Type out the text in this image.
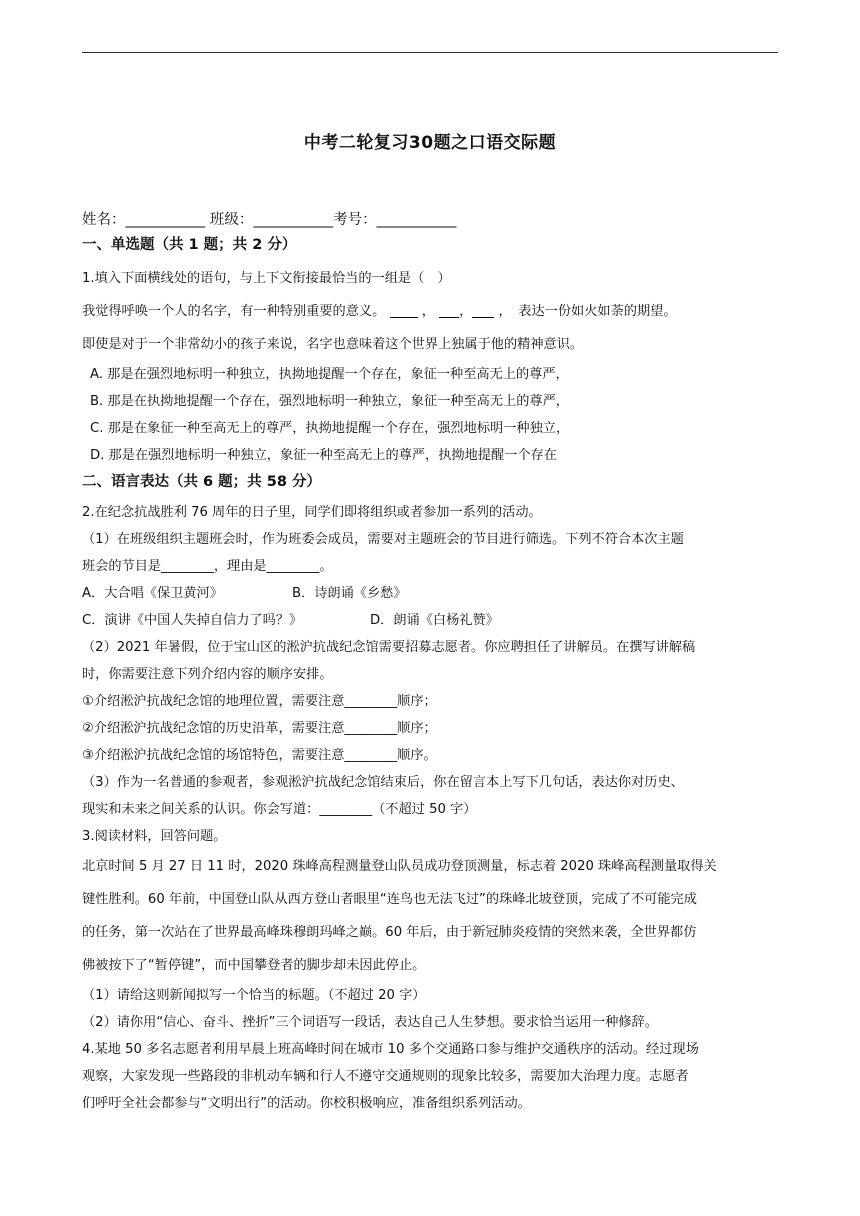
中考二轮复习30题之口语交际题
姓名：___________ 班级：___________考号：___________
一、单选题（共 1 题；共 2 分）
1.填入下面横线处的语句，与上下文衔接最恰当的一组是（　）
我觉得呼唤一个人的名字，有一种特别重要的意义。	， ， ，　表达一份如火如荼的期望。
即使是对于一个非常幼小的孩子来说，名字也意味着这个世界上独属于他的精神意识。
A. 那是在强烈地标明一种独立，执拗地提醒一个存在，象征一种至高无上的尊严，
B. 那是在执拗地提醒一个存在，强烈地标明一种独立，象征一种至高无上的尊严，
C. 那是在象征一种至高无上的尊严，执拗地提醒一个存在，强烈地标明一种独立，
D. 那是在强烈地标明一种独立，象征一种至高无上的尊严，执拗地提醒一个存在
二、语言表达（共 6 题；共 58 分）
2.在纪念抗战胜利 76 周年的日子里，同学们即将组织或者参加一系列的活动。
（1）在班级组织主题班会时，作为班委会成员，需要对主题班会的节目进行筛选。下列不符合本次主题
班会的节目是________，理由是________。
A．大合唱《保卫黄河》	B．诗朗诵《乡愁》
C．演讲《中国人失掉自信力了吗？》	D．朗诵《白杨礼赞》
（2）2021 年暑假，位于宝山区的淞沪抗战纪念馆需要招募志愿者。你应聘担任了讲解员。在撰写讲解稿
时，你需要注意下列介绍内容的顺序安排。
①介绍淞沪抗战纪念馆的地理位置，需要注意________顺序；
②介绍淞沪抗战纪念馆的历史沿革，需要注意________顺序；
③介绍淞沪抗战纪念馆的场馆特色，需要注意________顺序。
（3）作为一名普通的参观者，参观淞沪抗战纪念馆结束后，你在留言本上写下几句话，表达你对历史、
现实和未来之间关系的认识。你会写道：________（不超过 50 字）
3.阅读材料，回答问题。
北京时间 5 月 27 日 11 时，2020 珠峰高程测量登山队员成功登顶测量，标志着 2020 珠峰高程测量取得关
键性胜利。60 年前，中国登山队从西方登山者眼里“连鸟也无法飞过”的珠峰北坡登顶，完成了不可能完成
的任务，第一次站在了世界最高峰珠穆朗玛峰之巅。60 年后，由于新冠肺炎疫情的突然来袭，全世界都仿
佛被按下了“暂停键”，而中国攀登者的脚步却未因此停止。
（1）请给这则新闻拟写一个恰当的标题。（不超过 20 字）
（2）请你用“信心、奋斗、挫折”三个词语写一段话，表达自己人生梦想。要求恰当运用一种修辞。
4.某地 50 多名志愿者利用早晨上班高峰时间在城市 10 多个交通路口参与维护交通秩序的活动。经过现场
观察，大家发现一些路段的非机动车辆和行人不遵守交通规则的现象比较多，需要加大治理力度。志愿者
们呼吁全社会都参与“文明出行”的活动。你校积极响应，准备组织系列活动。
